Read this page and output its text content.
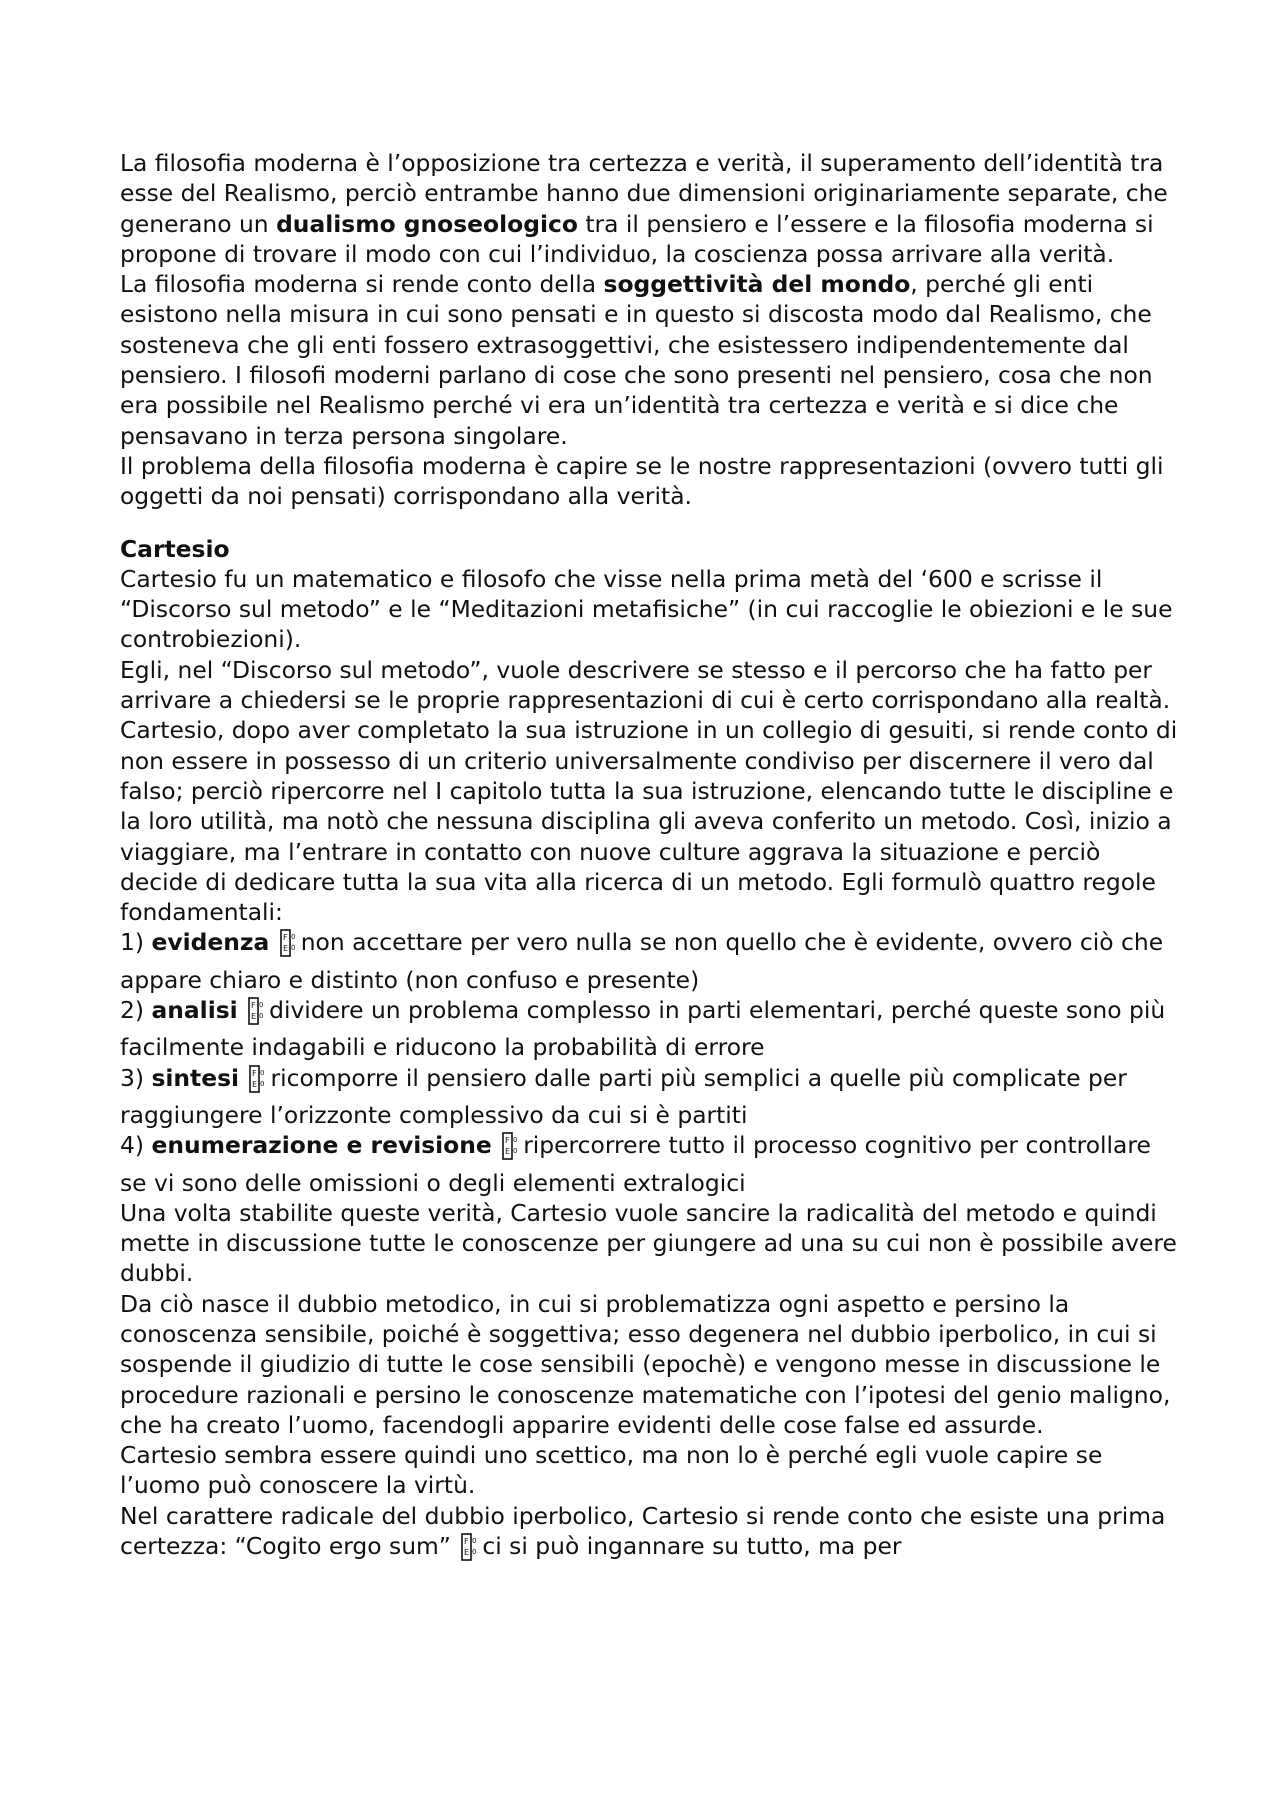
La filosofia moderna è l’opposizione tra certezza e verità, il superamento dell’identità tra esse del Realismo, perciò entrambe hanno due dimensioni originariamente separate, che generano un dualismo gnoseologico tra il pensiero e l’essere e la filosofia moderna si propone di trovare il modo con cui l’individuo, la coscienza possa arrivare alla verità.

La filosofia moderna si rende conto della soggettività del mondo, perché gli enti esistono nella misura in cui sono pensati e in questo si discosta modo dal Realismo, che sosteneva che gli enti fossero extrasoggettivi, che esistessero indipendentemente dal pensiero. I filosofi moderni parlano di cose che sono presenti nel pensiero, cosa che non era possibile nel Realismo perché vi era un’identità tra certezza e verità e si dice che pensavano in terza persona singolare.

Il problema della filosofia moderna è capire se le nostre rappresentazioni (ovvero tutti gli oggetti da noi pensati) corrispondano alla verità.

Cartesio

Cartesio fu un matematico e filosofo che visse nella prima metà del ‘600 e scrisse il “Discorso sul metodo” e le “Meditazioni metafisiche” (in cui raccoglie le obiezioni e le sue controbiezioni).

Egli, nel “Discorso sul metodo”, vuole descrivere se stesso e il percorso che ha fatto per arrivare a chiedersi se le proprie rappresentazioni di cui è certo corrispondano alla realtà.

Cartesio, dopo aver completato la sua istruzione in un collegio di gesuiti, si rende conto di non essere in possesso di un criterio universalmente condiviso per discernere il vero dal falso; perciò ripercorre nel I capitolo tutta la sua istruzione, elencando tutte le discipline e la loro utilità, ma notò che nessuna disciplina gli aveva conferito un metodo. Così, inizio a viaggiare, ma l’entrare in contatto con nuove culture aggrava la situazione e perciò decide di dedicare tutta la sua vita alla ricerca di un metodo. Egli formulò quattro regole fondamentali:

1) evidenza F
E
0
0 non accettare per vero nulla se non quello che è evidente, ovvero ciò che appare chiaro e distinto (non confuso e presente)

2) analisi F
E
0
0 dividere un problema complesso in parti elementari, perché queste sono più facilmente indagabili e riducono la probabilità di errore

3) sintesi F
E
0
0 ricomporre il pensiero dalle parti più semplici a quelle più complicate per raggiungere l’orizzonte complessivo da cui si è partiti

4) enumerazione e revisione F
E
0
0 ripercorrere tutto il processo cognitivo per controllare se vi sono delle omissioni o degli elementi extralogici

Una volta stabilite queste verità, Cartesio vuole sancire la radicalità del metodo e quindi mette in discussione tutte le conoscenze per giungere ad una su cui non è possibile avere dubbi.

Da ciò nasce il dubbio metodico, in cui si problematizza ogni aspetto e persino la conoscenza sensibile, poiché è soggettiva; esso degenera nel dubbio iperbolico, in cui si sospende il giudizio di tutte le cose sensibili (epochè) e vengono messe in discussione le procedure razionali e persino le conoscenze matematiche con l’ipotesi del genio maligno, che ha creato l’uomo, facendogli apparire evidenti delle cose false ed assurde.

Cartesio sembra essere quindi uno scettico, ma non lo è perché egli vuole capire se l’uomo può conoscere la virtù.

Nel carattere radicale del dubbio iperbolico, Cartesio si rende conto che esiste una prima certezza: “Cogito ergo sum” F
E
0
0 ci si può ingannare su tutto, ma per
